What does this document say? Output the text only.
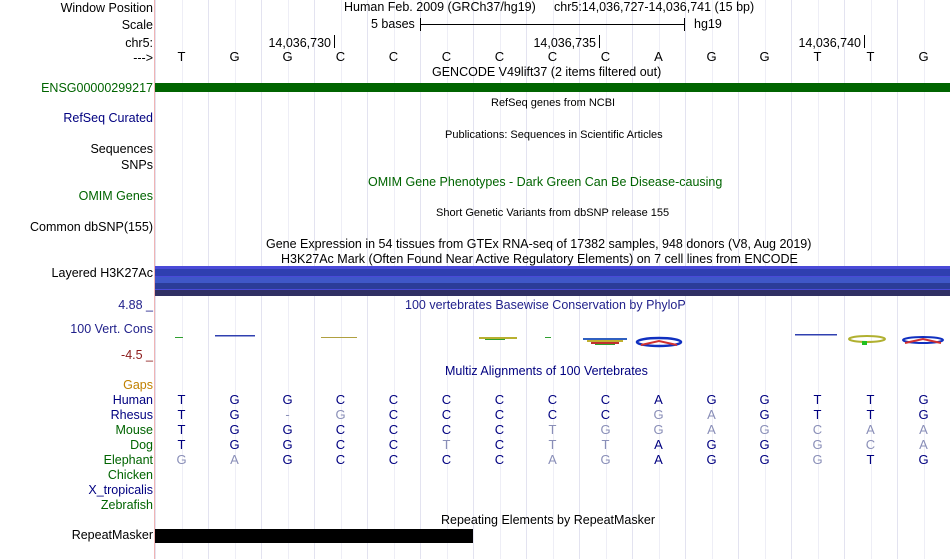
Window Position
Scale
chr5:
--->
Human Feb. 2009 (GRCh37/hg19) chr5:14,036,727-14,036,741 (15 bp)
5 bases	hg19
14,036,730	14,036,735	14,036,740
T	G	G	C	C	C	C	C	C	A	G	G	T	T	G
GENCODE V49lift37 (2 items filtered out)
ENSG00000299217
RefSeq genes from NCBI
RefSeq Curated
Publications: Sequences in Scientific Articles
Sequences
SNPs
OMIM Gene Phenotypes - Dark Green Can Be Disease-causing
OMIM Genes
Short Genetic Variants from dbSNP release 155
Common dbSNP(155)
Gene Expression in 54 tissues from GTEx RNA-seq of 17382 samples, 948 donors (V8, Aug 2019)
H3K27Ac Mark (Often Found Near Active Regulatory Elements) on 7 cell lines from ENCODE
Layered H3K27Ac
100 vertebrates Basewise Conservation by PhyloP
4.88 _
100 Vert. Cons
-4.5 _
Multiz Alignments of 100 Vertebrates
Gaps
Human	T	G	G	C	C	C	C	C	C	A	G	G	T	T	G
Rhesus	T	G	-	G	C	C	C	C	C	G	A	G	T	T	G
Mouse	T	G	G	C	C	C	C	T	G	G	A	G	C	A	A
Dog	T	G	G	C	C	T	C	T	T	A	G	G	G	C	A
Elephant	G	A	G	C	C	C	C	A	G	A	G	G	G	T	G
Chicken
X_tropicalis
Zebrafish
Repeating Elements by RepeatMasker
RepeatMasker
